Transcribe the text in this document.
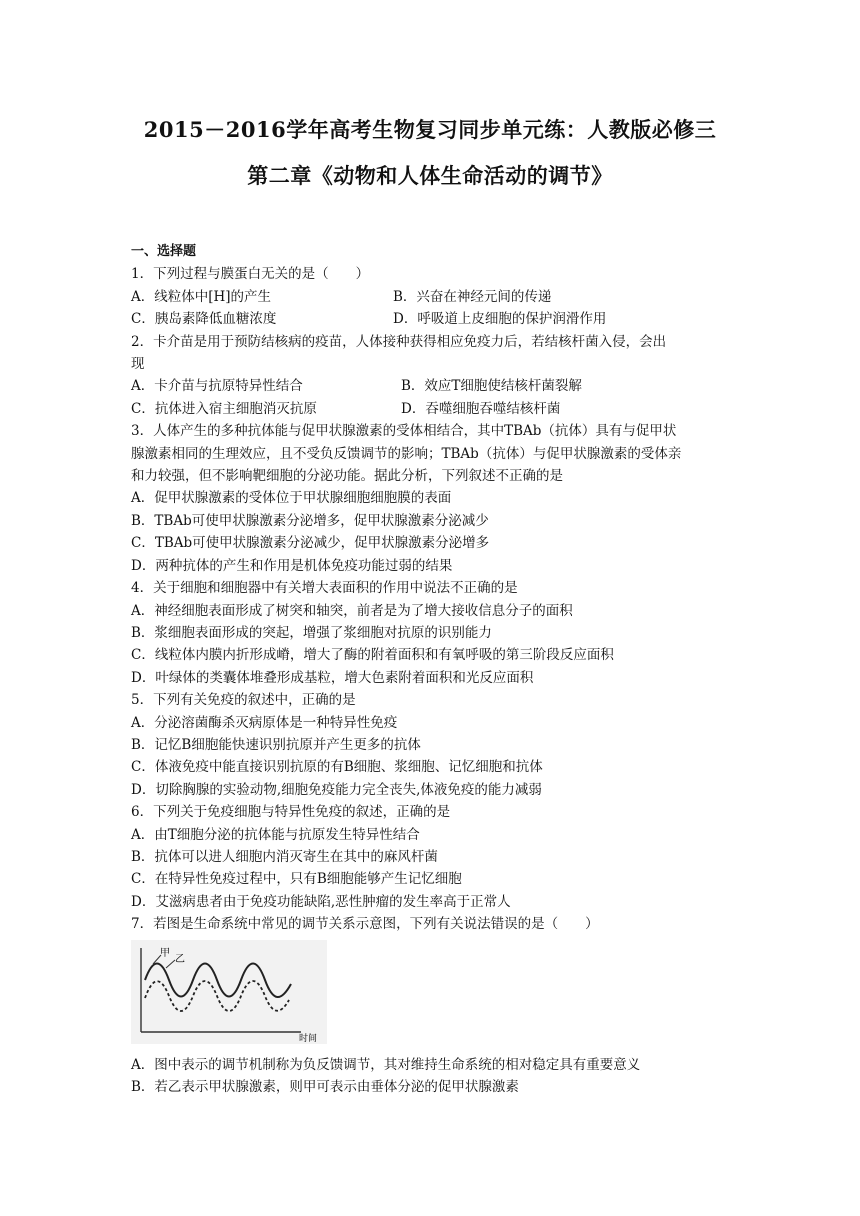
2015－2016学年高考生物复习同步单元练：人教版必修三
第二章《动物和人体生命活动的调节》
一、选择题
1．下列过程与膜蛋白无关的是（　　）
A．线粒体中[H]的产生	B．兴奋在神经元间的传递
C．胰岛素降低血糖浓度	D．呼吸道上皮细胞的保护润滑作用
2．卡介苗是用于预防结核病的疫苗，人体接种获得相应免疫力后，若结核杆菌入侵，会出
现
A．卡介苗与抗原特异性结合	B．效应T细胞使结核杆菌裂解
C．抗体进入宿主细胞消灭抗原	D．吞噬细胞吞噬结核杆菌
3．人体产生的多种抗体能与促甲状腺激素的受体相结合，其中TBAb（抗体）具有与促甲状
腺激素相同的生理效应，且不受负反馈调节的影响；TBAb（抗体）与促甲状腺激素的受体亲
和力较强，但不影响靶细胞的分泌功能。据此分析，下列叙述不正确的是
A．促甲状腺激素的受体位于甲状腺细胞细胞膜的表面
B．TBAb可使甲状腺激素分泌增多，促甲状腺激素分泌减少
C．TBAb可使甲状腺激素分泌减少，促甲状腺激素分泌增多
D．两种抗体的产生和作用是机体免疫功能过弱的结果
4．关于细胞和细胞器中有关增大表面积的作用中说法不正确的是
A．神经细胞表面形成了树突和轴突，前者是为了增大接收信息分子的面积
B．浆细胞表面形成的突起，增强了浆细胞对抗原的识别能力
C．线粒体内膜内折形成嵴，增大了酶的附着面积和有氧呼吸的第三阶段反应面积
D．叶绿体的类囊体堆叠形成基粒，增大色素附着面积和光反应面积
5．下列有关免疫的叙述中，正确的是
A．分泌溶菌酶杀灭病原体是一种特异性免疫
B．记忆B细胞能快速识别抗原并产生更多的抗体
C．体液免疫中能直接识别抗原的有B细胞、浆细胞、记忆细胞和抗体
D．切除胸腺的实验动物,细胞免疫能力完全丧失,体液免疫的能力减弱
6．下列关于免疫细胞与特异性免疫的叙述，正确的是
A．由T细胞分泌的抗体能与抗原发生特异性结合
B．抗体可以进人细胞内消灭寄生在其中的麻风杆菌
C．在特异性免疫过程中，只有B细胞能够产生记忆细胞
D．艾滋病患者由于免疫功能缺陷,恶性肿瘤的发生率高于正常人
7．若图是生命系统中常见的调节关系示意图，下列有关说法错误的是（　　）
甲
乙
时间
A．图中表示的调节机制称为负反馈调节，其对维持生命系统的相对稳定具有重要意义
B．若乙表示甲状腺激素，则甲可表示由垂体分泌的促甲状腺激素
